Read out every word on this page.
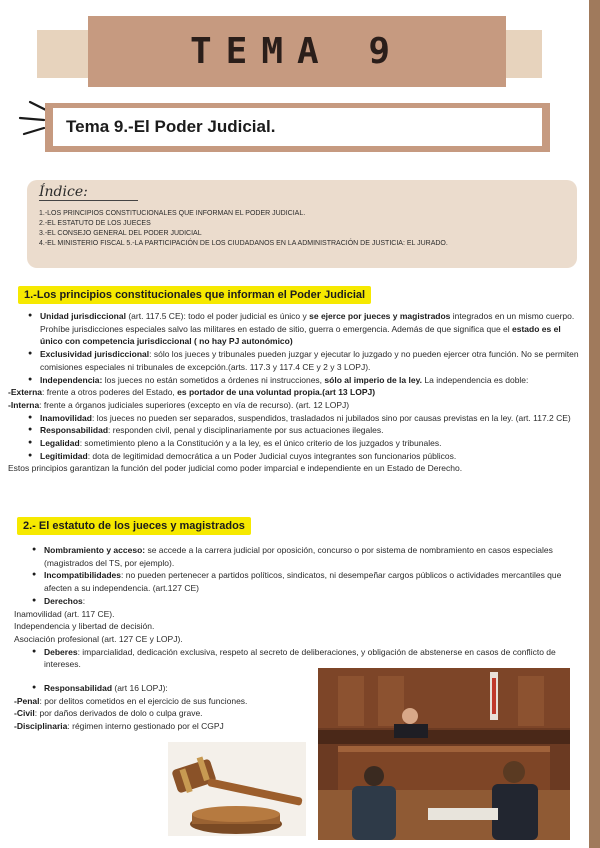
TEMA 9
Tema 9.-El Poder Judicial.
Índice:
1.-LOS PRINCIPIOS CONSTITUCIONALES QUE INFORMAN EL PODER JUDICIAL.
2.-EL ESTATUTO DE LOS JUECES
3.-EL CONSEJO GENERAL DEL PODER JUDICIAL
4.-EL MINISTERIO FISCAL 5.-LA PARTICIPACIÓN DE LOS CIUDADANOS EN LA ADMINISTRACIÓN DE JUSTICIA: EL JURADO.
1.-Los principios constitucionales que informan el Poder Judicial

● Unidad jurisdiccional (art. 117.5 CE): todo el poder judicial es único y se ejerce por jueces y magistrados integrados en un mismo cuerpo. Prohíbe jurisdicciones especiales salvo las militares en estado de sitio, guerra o emergencia. Además de que significa que el estado es el único con competencia jurisdiccional ( no hay PJ autonómico)

● Exclusividad jurisdiccional: sólo los jueces y tribunales pueden juzgar y ejecutar lo juzgado y no pueden ejercer otra función. No se permiten comisiones especiales ni tribunales de excepción.(arts. 117.3 y 117.4 CE y 2 y 3 LOPJ).

● Independencia: los jueces no están sometidos a órdenes ni instrucciones, sólo al imperio de la ley. La independencia es doble:

-Externa: frente a otros poderes del Estado, es portador de una voluntad propia.(art 13 LOPJ)

-Interna: frente a órganos judiciales superiores (excepto en vía de recurso). (art. 12 LOPJ)

● Inamovilidad: los jueces no pueden ser separados, suspendidos, trasladados ni jubilados sino por causas previstas en la ley. (art. 117.2 CE)

● Responsabilidad: responden civil, penal y disciplinariamente por sus actuaciones ilegales.

● Legalidad: sometimiento pleno a la Constitución y a la ley, es el único criterio de los juzgados y tribunales.

● Legitimidad: dota de legitimidad democrática a un Poder Judicial cuyos integrantes son funcionarios públicos.

Estos principios garantizan la función del poder judicial como poder imparcial e independiente en un Estado de Derecho.

2.- El estatuto de los jueces y magistrados

● Nombramiento y acceso: se accede a la carrera judicial por oposición, concurso o por sistema de nombramiento en casos especiales (magistrados del TS, por ejemplo).

● Incompatibilidades: no pueden pertenecer a partidos políticos, sindicatos, ni desempeñar cargos públicos o actividades mercantiles que afecten a su independencia. (art.127 CE)

● Derechos:

Inamovilidad (art. 117 CE).

Independencia y libertad de decisión.

Asociación profesional (art. 127 CE y LOPJ).

● Deberes: imparcialidad, dedicación exclusiva, respeto al secreto de deliberaciones, y obligación de abstenerse en casos de conflicto de intereses.

● Responsabilidad (art 16 LOPJ):

-Penal: por delitos cometidos en el ejercicio de sus funciones.

-Civil: por daños derivados de dolo o culpa grave.

-Disciplinaria: régimen interno gestionado por el CGPJ
